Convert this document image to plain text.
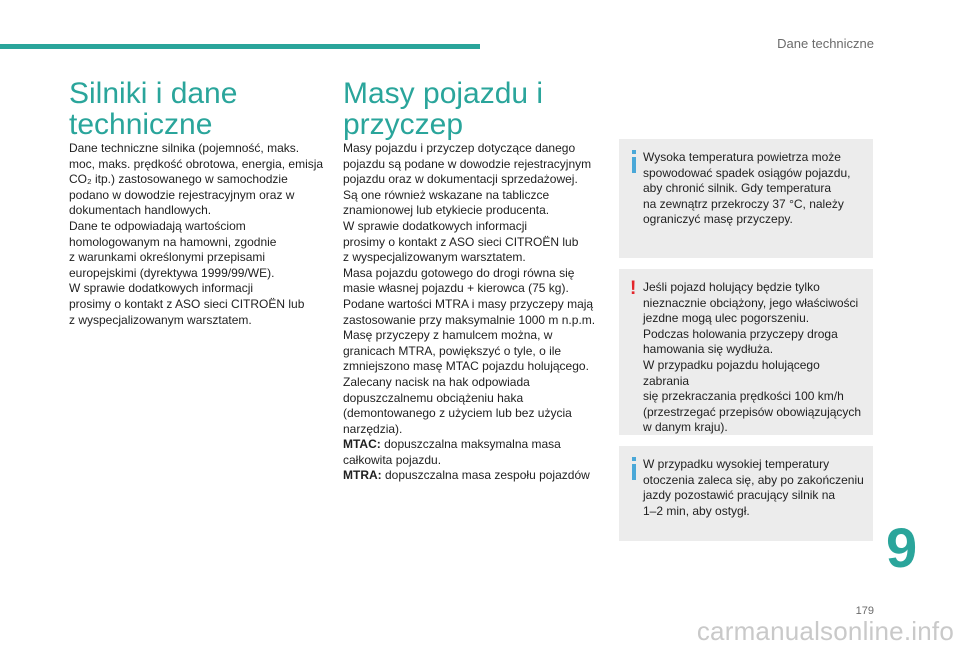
Dane techniczne
Silniki i dane
techniczne

Dane techniczne silnika (pojemność, maks.

moc, maks. prędkość obrotowa, energia, emisja

CO₂ itp.) zastosowanego w samochodzie

podano w dowodzie rejestracyjnym oraz w

dokumentach handlowych.

Dane te odpowiadają wartościom

homologowanym na hamowni, zgodnie

z warunkami określonymi przepisami

europejskimi (dyrektywa 1999/99/WE).

W sprawie dodatkowych informacji

prosimy o kontakt z ASO sieci CITROËN lub

z wyspecjalizowanym warsztatem.

Masy pojazdu i
przyczep

Masy pojazdu i przyczep dotyczące danego

pojazdu są podane w dowodzie rejestracyjnym

pojazdu oraz w dokumentacji sprzedażowej.

Są one również wskazane na tabliczce

znamionowej lub etykiecie producenta.

W sprawie dodatkowych informacji

prosimy o kontakt z ASO sieci CITROËN lub

z wyspecjalizowanym warsztatem.

Masa pojazdu gotowego do drogi równa się

masie własnej pojazdu + kierowca (75 kg).

Podane wartości MTRA i masy przyczepy mają

zastosowanie przy maksymalnie 1000 m n.p.m.

Masę przyczepy z hamulcem można, w

granicach MTRA, powiększyć o tyle, o ile

zmniejszono masę MTAC pojazdu holującego.

Zalecany nacisk na hak odpowiada

dopuszczalnemu obciążeniu haka

(demontowanego z użyciem lub bez użycia

narzędzia).

MTAC: dopuszczalna maksymalna masa

całkowita pojazdu.

MTRA: dopuszczalna masa zespołu pojazdów

Wysoka temperatura powietrza może

spowodować spadek osiągów pojazdu,

aby chronić silnik. Gdy temperatura

na zewnątrz przekroczy 37 °C, należy

ograniczyć masę przyczepy.

! Jeśli pojazd holujący będzie tylko

nieznacznie obciążony, jego właściwości

jezdne mogą ulec pogorszeniu.

Podczas holowania przyczepy droga

hamowania się wydłuża.

W przypadku pojazdu holującego zabrania

się przekraczania prędkości 100 km/h

(przestrzegać przepisów obowiązujących

w danym kraju).

W przypadku wysokiej temperatury

otoczenia zaleca się, aby po zakończeniu

jazdy pozostawić pracujący silnik na

1–2 min, aby ostygł.

9
179
carmanualsonline.info
